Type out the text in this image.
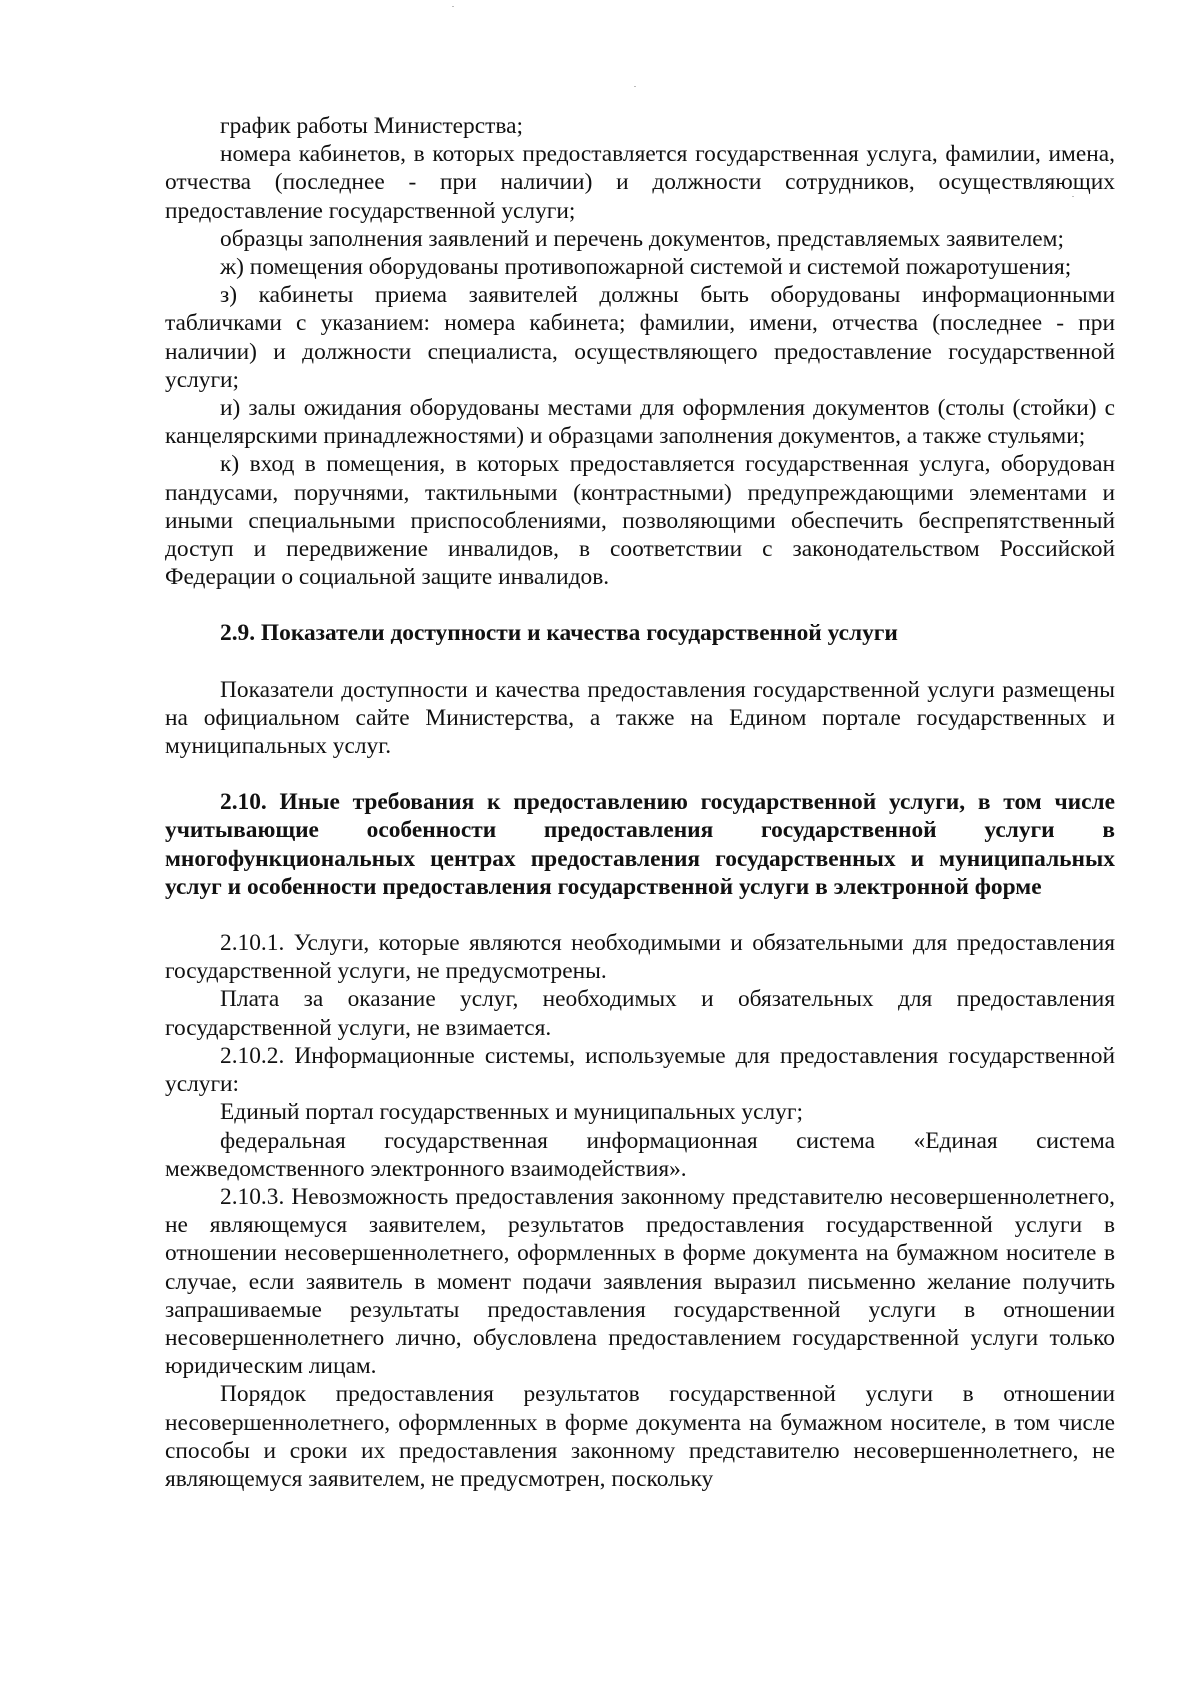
график работы Министерства;

номера кабинетов, в которых предоставляется государственная услуга, фамилии, имена, отчества (последнее - при наличии) и должности сотрудников, осуществляющих предоставление государственной услуги;

образцы заполнения заявлений и перечень документов, представляемых заявителем;

ж) помещения оборудованы противопожарной системой и системой пожаротушения;

з) кабинеты приема заявителей должны быть оборудованы информационными табличками с указанием: номера кабинета; фамилии, имени, отчества (последнее - при наличии) и должности специалиста, осуществляющего предоставление государственной услуги;

и) залы ожидания оборудованы местами для оформления документов (столы (стойки) с канцелярскими принадлежностями) и образцами заполнения документов, а также стульями;

к) вход в помещения, в которых предоставляется государственная услуга, оборудован пандусами, поручнями, тактильными (контрастными) предупреждающими элементами и иными специальными приспособлениями, позволяющими обеспечить беспрепятственный доступ и передвижение инвалидов, в соответствии с законодательством Российской Федерации о социальной защите инвалидов.

2.9. Показатели доступности и качества государственной услуги

Показатели доступности и качества предоставления государственной услуги размещены на официальном сайте Министерства, а также на Едином портале государственных и муниципальных услуг.

2.10. Иные требования к предоставлению государственной услуги, в том числе учитывающие особенности предоставления государственной услуги в многофункциональных центрах предоставления государственных и муниципальных услуг и особенности предоставления государственной услуги в электронной форме

2.10.1. Услуги, которые являются необходимыми и обязательными для предоставления государственной услуги, не предусмотрены.

Плата за оказание услуг, необходимых и обязательных для предоставления государственной услуги, не взимается.

2.10.2. Информационные системы, используемые для предоставления государственной услуги:

Единый портал государственных и муниципальных услуг;

федеральная государственная информационная система «Единая система межведомственного электронного взаимодействия».

2.10.3. Невозможность предоставления законному представителю несовершеннолетнего, не являющемуся заявителем, результатов предоставления государственной услуги в отношении несовершеннолетнего, оформленных в форме документа на бумажном носителе в случае, если заявитель в момент подачи заявления выразил письменно желание получить запрашиваемые результаты предоставления государственной услуги в отношении несовершеннолетнего лично, обусловлена предоставлением государственной услуги только юридическим лицам.

Порядок предоставления результатов государственной услуги в отношении несовершеннолетнего, оформленных в форме документа на бумажном носителе, в том числе способы и сроки их предоставления законному представителю несовершеннолетнего, не являющемуся заявителем, не предусмотрен, поскольку
